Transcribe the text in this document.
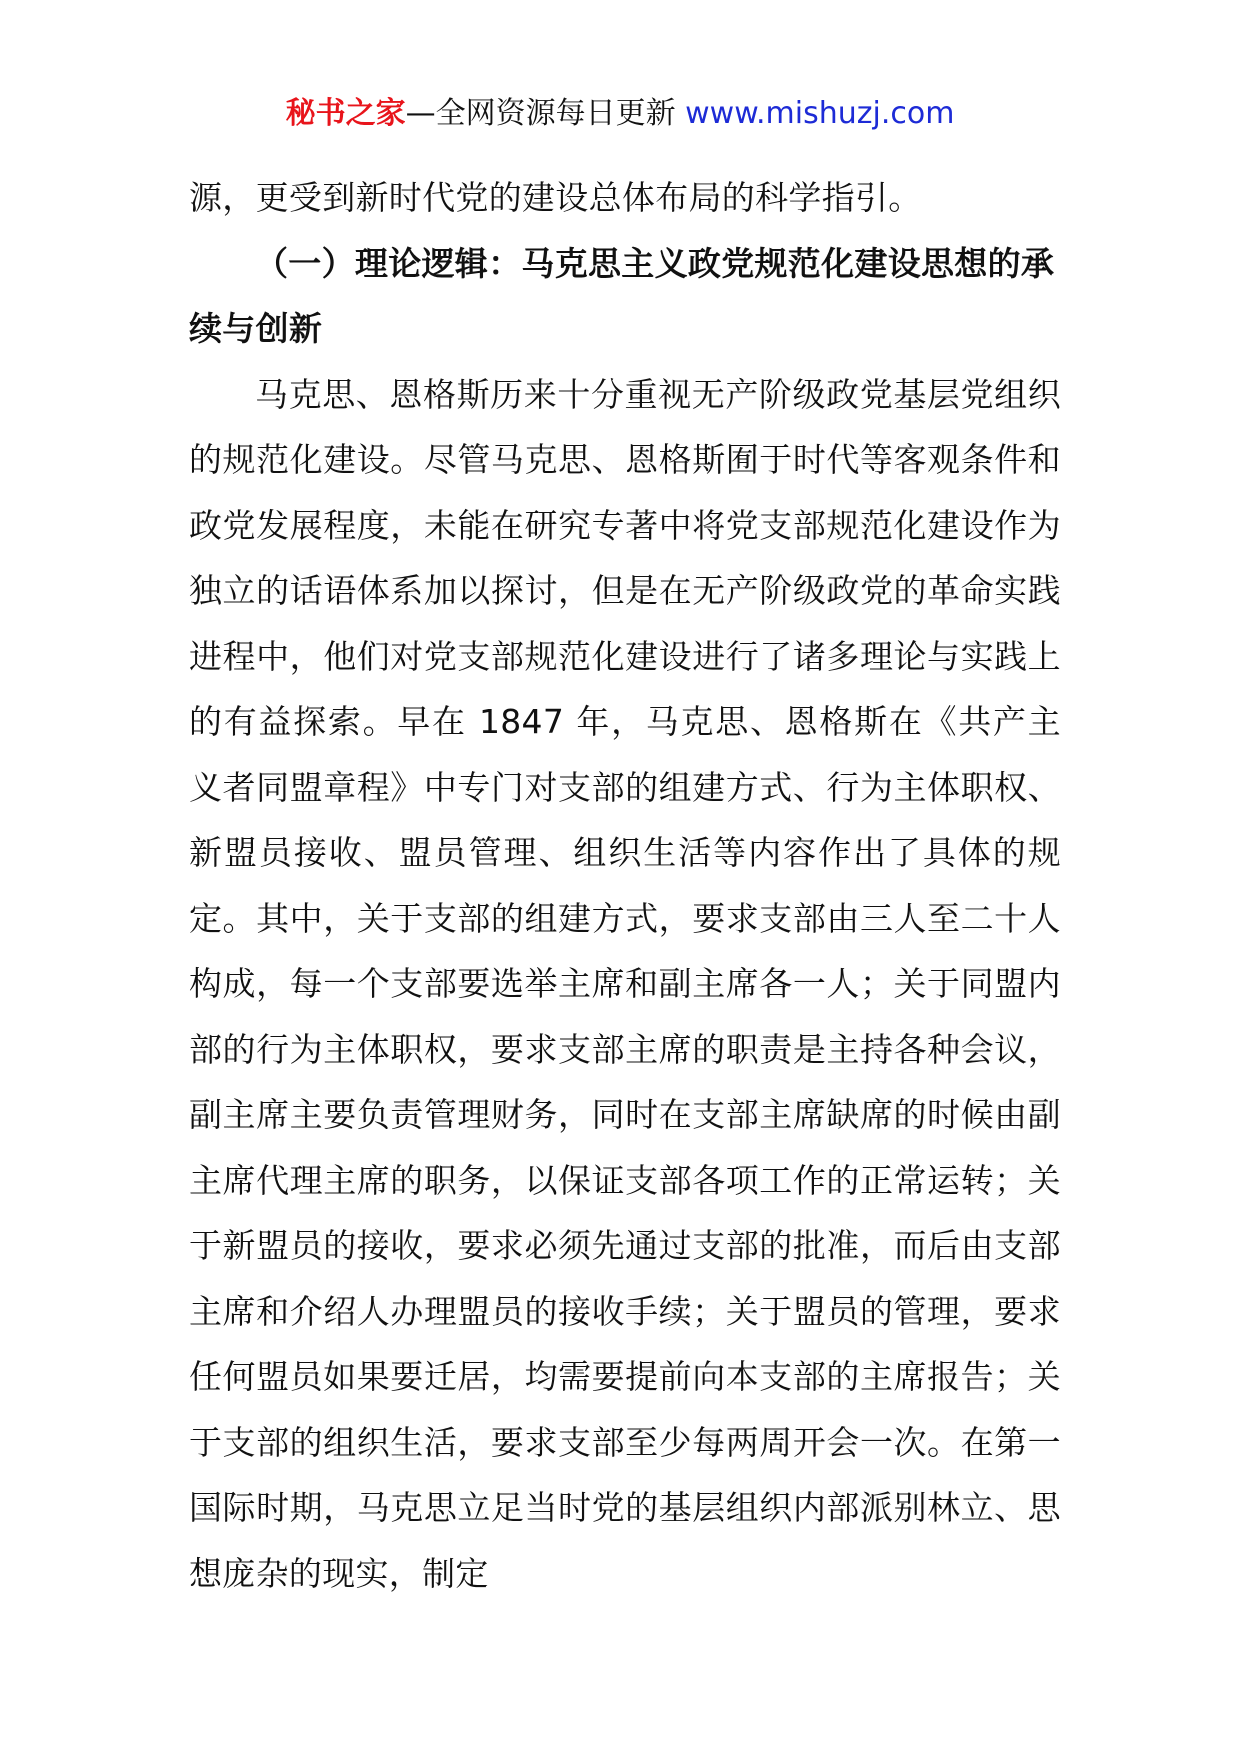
秘书之家—全网资源每日更新 www.mishuzj.com

源，更受到新时代党的建设总体布局的科学指引。

（一）理论逻辑：马克思主义政党规范化建设思想的承续与创新

马克思、恩格斯历来十分重视无产阶级政党基层党组织的规范化建设。尽管马克思、恩格斯囿于时代等客观条件和政党发展程度，未能在研究专著中将党支部规范化建设作为独立的话语体系加以探讨，但是在无产阶级政党的革命实践进程中，他们对党支部规范化建设进行了诸多理论与实践上的有益探索。早在 1847 年，马克思、恩格斯在《共产主义者同盟章程》中专门对支部的组建方式、行为主体职权、新盟员接收、盟员管理、组织生活等内容作出了具体的规定。其中，关于支部的组建方式，要求支部由三人至二十人构成，每一个支部要选举主席和副主席各一人；关于同盟内部的行为主体职权，要求支部主席的职责是主持各种会议，副主席主要负责管理财务，同时在支部主席缺席的时候由副主席代理主席的职务，以保证支部各项工作的正常运转；关于新盟员的接收，要求必须先通过支部的批准，而后由支部主席和介绍人办理盟员的接收手续；关于盟员的管理，要求任何盟员如果要迁居，均需要提前向本支部的主席报告；关于支部的组织生活，要求支部至少每两周开会一次。在第一国际时期，马克思立足当时党的基层组织内部派别林立、思想庞杂的现实，制定
